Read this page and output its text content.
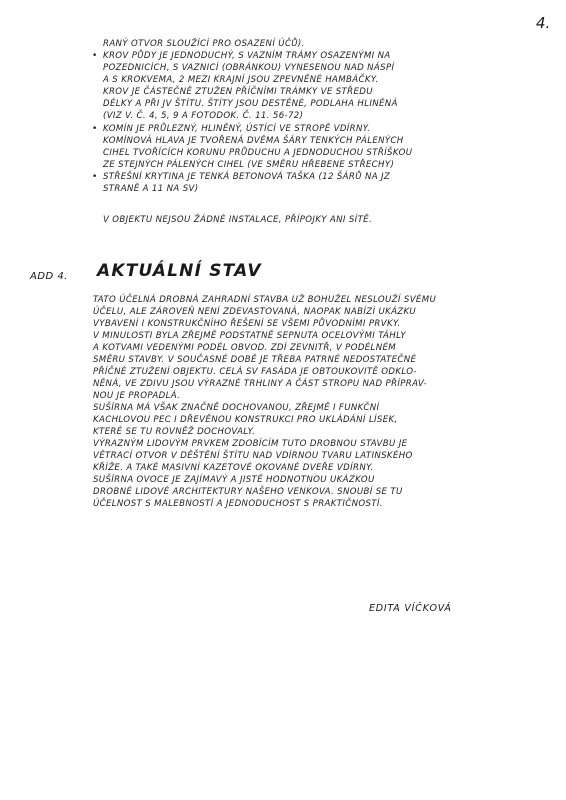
4.
RANÝ OTVOR SLOUŽÍCÍ PRO OSAZENÍ ÚČŮ).
• KROV PŮDY JE JEDNODUCHÝ, S VAZNÍM TRÁMY OSAZENÝMI NA
POZEDNICÍCH, S VAZNICÍ (OBRÁNKOU) VYNESENOU NAD NÁSPÍ
A S KROKVEMA, 2 MEZI KRAJNÍ JSOU ZPEVNĚNÉ HAMBÁČKY.
KROV JE ČÁSTEČNĚ ZTUŽEN PŘÍČNÍMI TRÁMKY VE STŘEDU
DÉLKY A PŘI JV ŠTÍTU. ŠTÍTY JSOU DESTĚNÉ, PODLAHA HLINĚNÁ
(VIZ V. Č. 4, 5, 9 A FOTODOK. Č. 11. 56-72)
• KOMÍN JE PRŮLEZNÝ, HLINĚNÝ, ÚSTÍCÍ VE STROPĚ VDÍRNY.
KOMÍNOVÁ HLAVA JE TVOŘENÁ DVĚMA ŠÁRY TENKÝCH PÁLENÝCH
CIHEL TVOŘÍCÍCH KORUNU PRŮDUCHU A JEDNODUCHOU STŘÍŠKOU
ZE STEJNÝCH PÁLENÝCH CIHEL (VE SMĚRU HŘEBENE STŘECHY)
• STŘEŠNÍ KRYTINA JE TENKÁ BETONOVÁ TAŠKA (12 ŠÁRŮ NA JZ
STRANĚ A 11 NA SV)
V OBJEKTU NEJSOU ŽÁDNÉ INSTALACE, PŘÍPOJKY ANI SÍTĚ.
ADD 4. AKTUÁLNÍ STAV
TATO ÚČELNÁ DROBNÁ ZAHRADNÍ STAVBA UŽ BOHUŽEL NESLOUŽÍ SVÉMU
ÚČELU, ALE ZÁROVEŇ NENÍ ZDEVASTOVANÁ, NAOPAK NABÍZÍ UKÁZKU
VYBAVENÍ I KONSTRUKČNÍHO ŘEŠENÍ SE VŠEMI PŮVODNÍMI PRVKY.
V MINULOSTI BYLA ZŘEJMĚ PODSTATNĚ SEPNUTA OCELOVÝMI TÁHLY
A KOTVAMI VEDENÝMI PODÉL OBVOD. ZDÍ ZEVNITŘ, V PODÉLNÉM
SMĚRU STAVBY. V SOUČASNÉ DOBĚ JE TŘEBA PATRNÉ NEDOSTATEČNÉ
PŘÍČNÉ ZTUŽENÍ OBJEKTU. CELÁ SV FASÁDA JE OBTOUKOVITĚ ODKLO-
NĚNÁ, VE ZDIVU JSOU VÝRAZNÉ TRHLINY A ČÁST STROPU NAD PŘÍPRAV-
NOU JE PROPADLÁ.
SUŠÍRNA MÁ VŠAK ZNAČNĚ DOCHOVANOU, ZŘEJMĚ I FUNKČNÍ
KACHLOVOU PEC I DŘEVĚNOU KONSTRUKCI PRO UKLÁDÁNÍ LÍSEK,
KTERÉ SE TU ROVNĚŽ DOCHOVALY.
VÝRAZNÝM LIDOVÝM PRVKEM ZDOBÍCÍM TUTO DROBNOU STAVBU JE
VĚTRACÍ OTVOR V DĚŠTĚNÍ ŠTÍTU NAD VDÍRNOU TVARU LATINSKÉHO
KŘÍŽE. A TAKÉ MASIVNÍ KAZETOVÉ OKOVANÉ DVEŘE VDÍRNY.
SUŠÍRNA OVOCE JE ZAJÍMAVÝ A JISTĚ HODNOTNOU UKÁZKOU
DROBNÉ LIDOVÉ ARCHITEKTURY NAŠEHO VENKOVA. SNOUBÍ SE TU
ÚČELNOST S MALEBNOSTÍ A JEDNODUCHOST S PRAKTIČNOSTÍ.
EDITA VÍČKOVÁ
